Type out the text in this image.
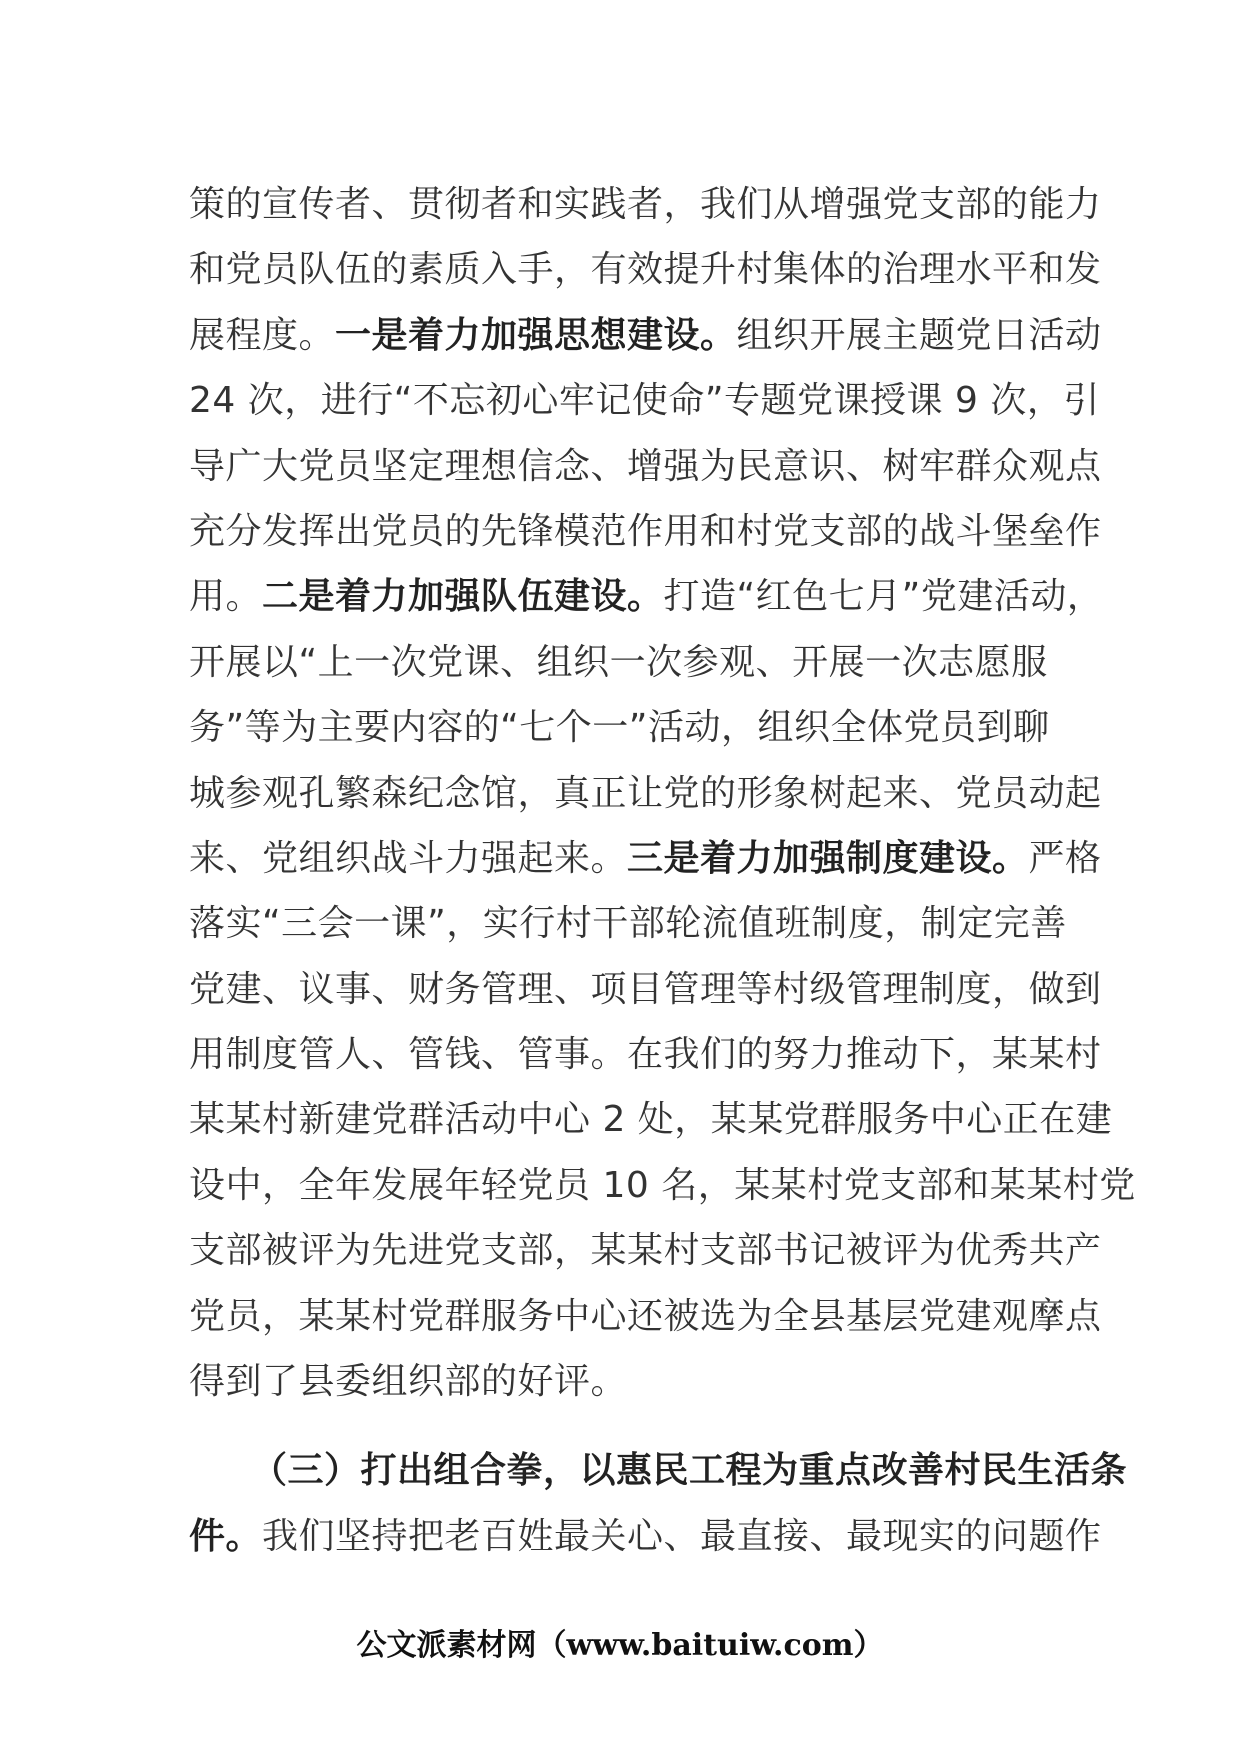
策的宣传者、贯彻者和实践者，我们从增强党支部的能力
和党员队伍的素质入手，有效提升村集体的治理水平和发
展程度。一是着力加强思想建设。组织开展主题党日活动
24 次，进行“不忘初心牢记使命”专题党课授课 9 次，引
导广大党员坚定理想信念、增强为民意识、树牢群众观点
充分发挥出党员的先锋模范作用和村党支部的战斗堡垒作
用。二是着力加强队伍建设。打造“红色七月”党建活动，
开展以“上一次党课、组织一次参观、开展一次志愿服
务”等为主要内容的“七个一”活动，组织全体党员到聊
城参观孔繁森纪念馆，真正让党的形象树起来、党员动起
来、党组织战斗力强起来。三是着力加强制度建设。严格
落实“三会一课”，实行村干部轮流值班制度，制定完善
党建、议事、财务管理、项目管理等村级管理制度，做到
用制度管人、管钱、管事。在我们的努力推动下，某某村
某某村新建党群活动中心 2 处，某某党群服务中心正在建
设中，全年发展年轻党员 10 名，某某村党支部和某某村党
支部被评为先进党支部，某某村支部书记被评为优秀共产
党员，某某村党群服务中心还被选为全县基层党建观摩点
得到了县委组织部的好评。
（三）打出组合拳，以惠民工程为重点改善村民生活条
件。我们坚持把老百姓最关心、最直接、最现实的问题作
公文派素材网（www.baituiw.com）
